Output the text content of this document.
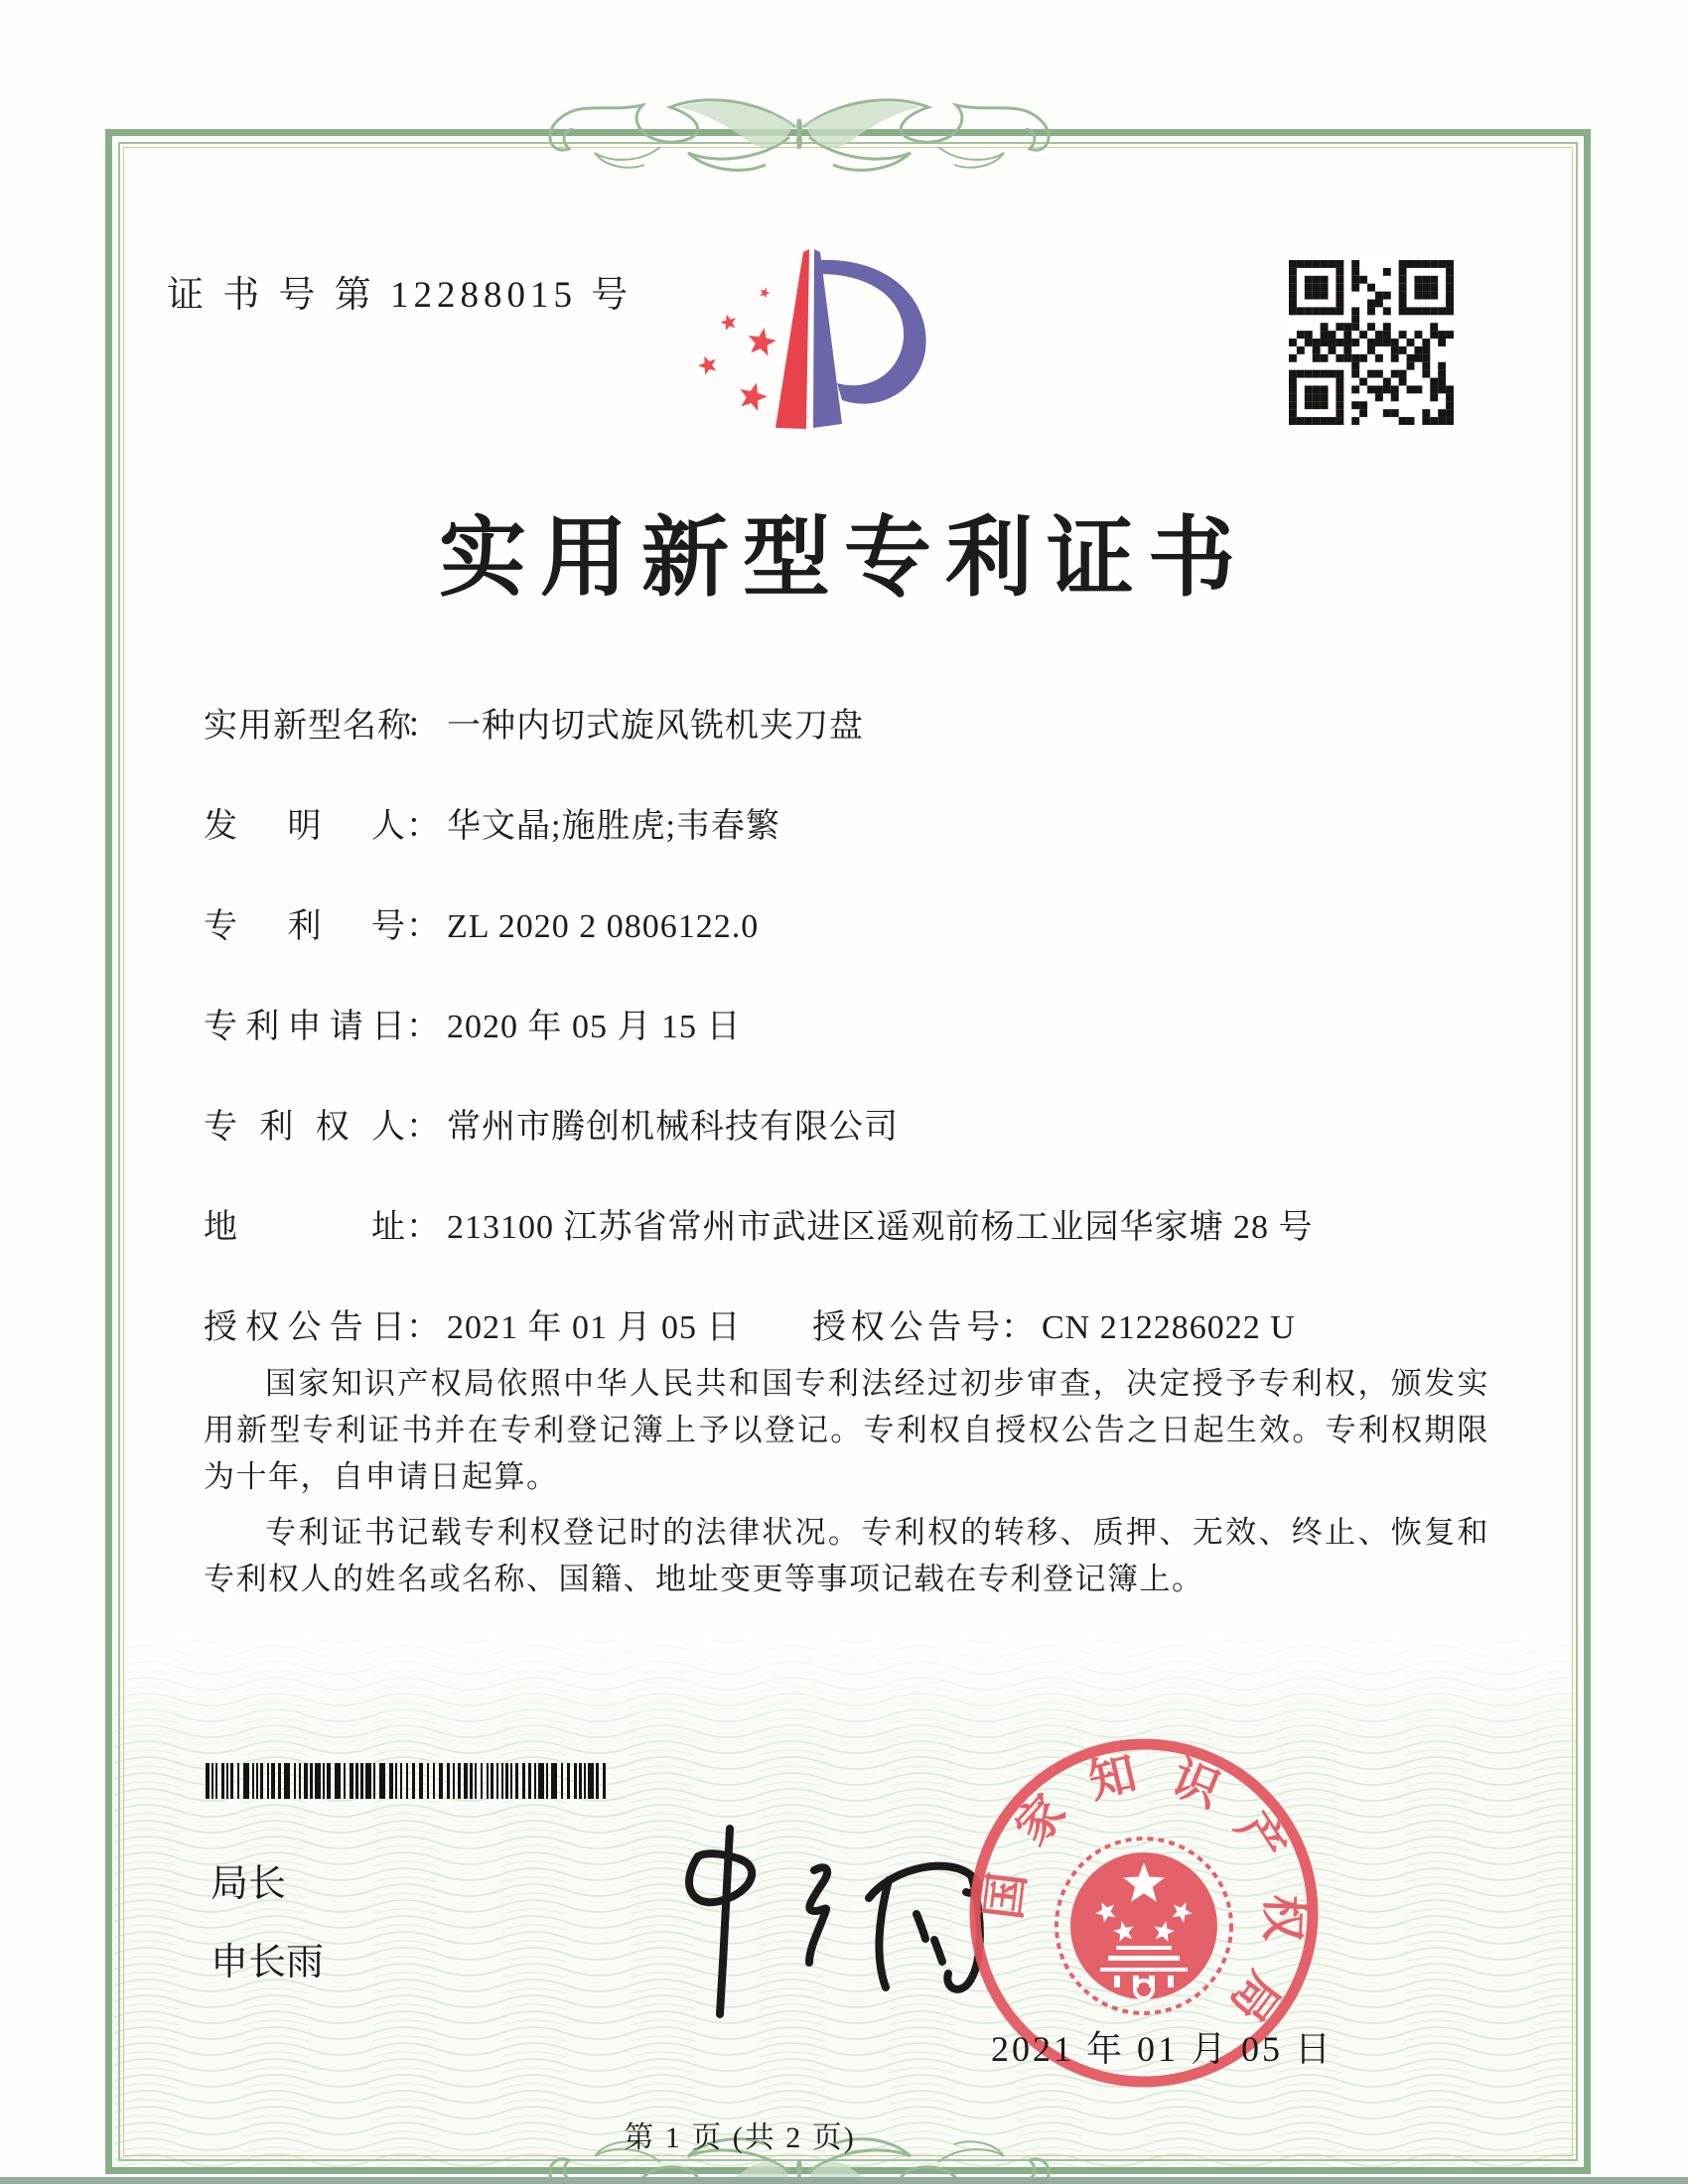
证 书 号 第 12288015 号
实用新型专利证书
实用新型名称： 一种内切式旋风铣机夹刀盘
发明人： 华文晶;施胜虎;韦春繁
专利号： ZL 2020 2 0806122.0
专利申请日： 2020 年 05 月 15 日
专利权人： 常州市腾创机械科技有限公司
地址： 213100 江苏省常州市武进区遥观前杨工业园华家塘 28 号
授权公告日： 2021 年 01 月 05 日 授权公告号： CN 212286022 U

国家知识产权局依照中华人民共和国专利法经过初步审查，决定授予专利权，颁发实用新型专利证书并在专利登记簿上予以登记。专利权自授权公告之日起生效。专利权期限为十年，自申请日起算。

专利证书记载专利权登记时的法律状况。专利权的转移、质押、无效、终止、恢复和专利权人的姓名或名称、国籍、地址变更等事项记载在专利登记簿上。

局长
申长雨
国
家
知 识
产
权
局
2021 年 01 月 05 日
第 1 页 (共 2 页)
